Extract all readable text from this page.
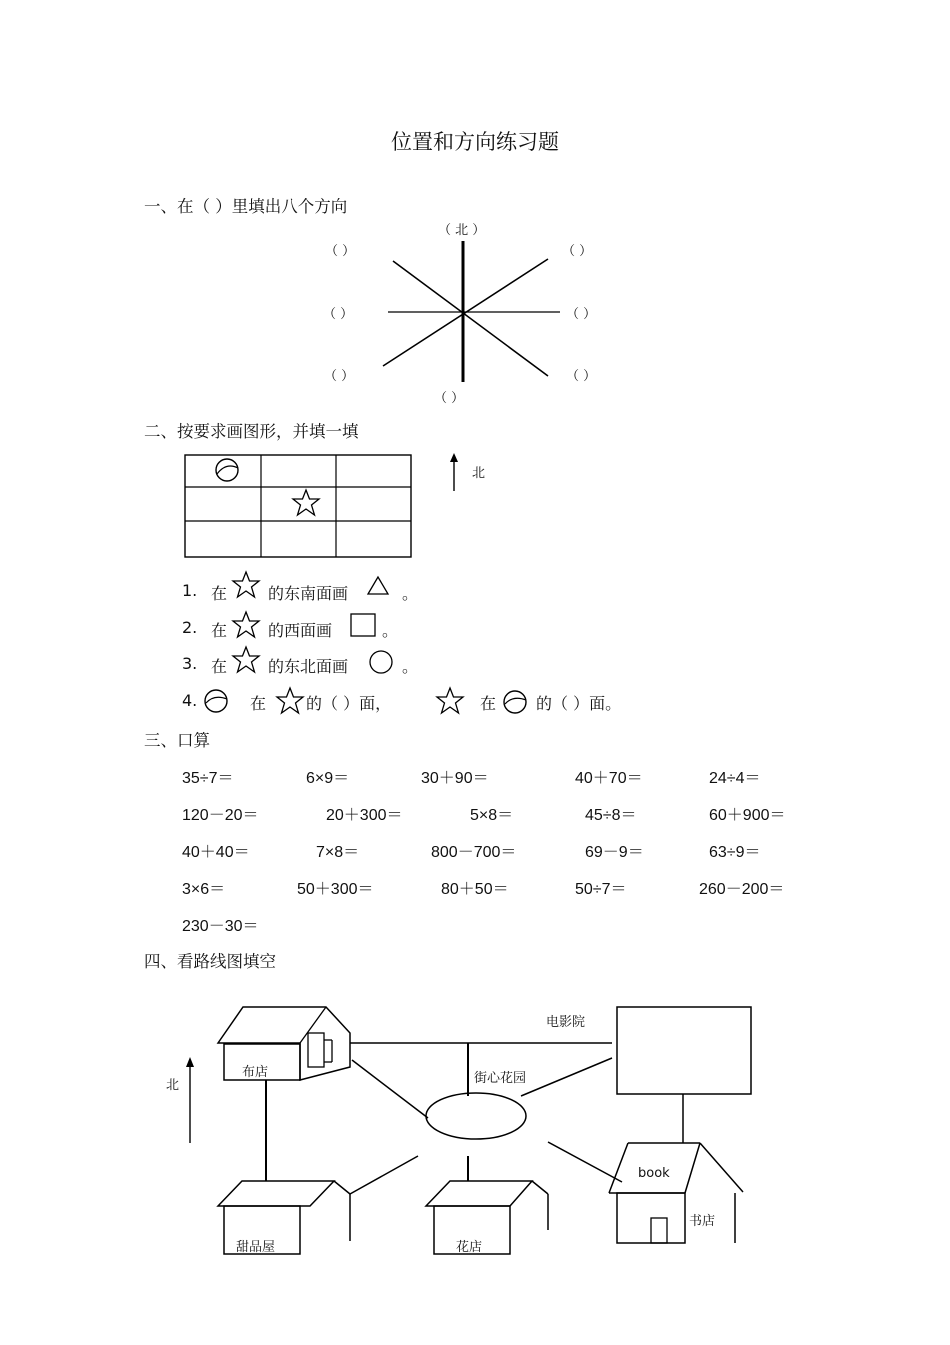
位置和方向练习题
一、在（ ）里填出八个方向
（ 北 ）
（ ）	（ ）
（ ）	（ ）
（ ）	（ ）
（ ）
二、按要求画图形，并填一填
北
1. 在	的东南面画	。
2. 在	的西面画	。
3. 在	的东北面画	。
4.	在 的（ ）面，	在 的（ ）面。
三、口算
35÷7＝	6×9＝	30＋90＝	40＋70＝	24÷4＝
120－20＝	20＋300＝	5×8＝	45÷8＝	60＋900＝
40＋40＝	7×8＝	800－700＝	69－9＝	63÷9＝
3×6＝	50＋300＝	80＋50＝	50÷7＝	260－200＝
230－30＝
四、看路线图填空
北
电影院
布店	街心花园
book
书店
甜品屋	花店
